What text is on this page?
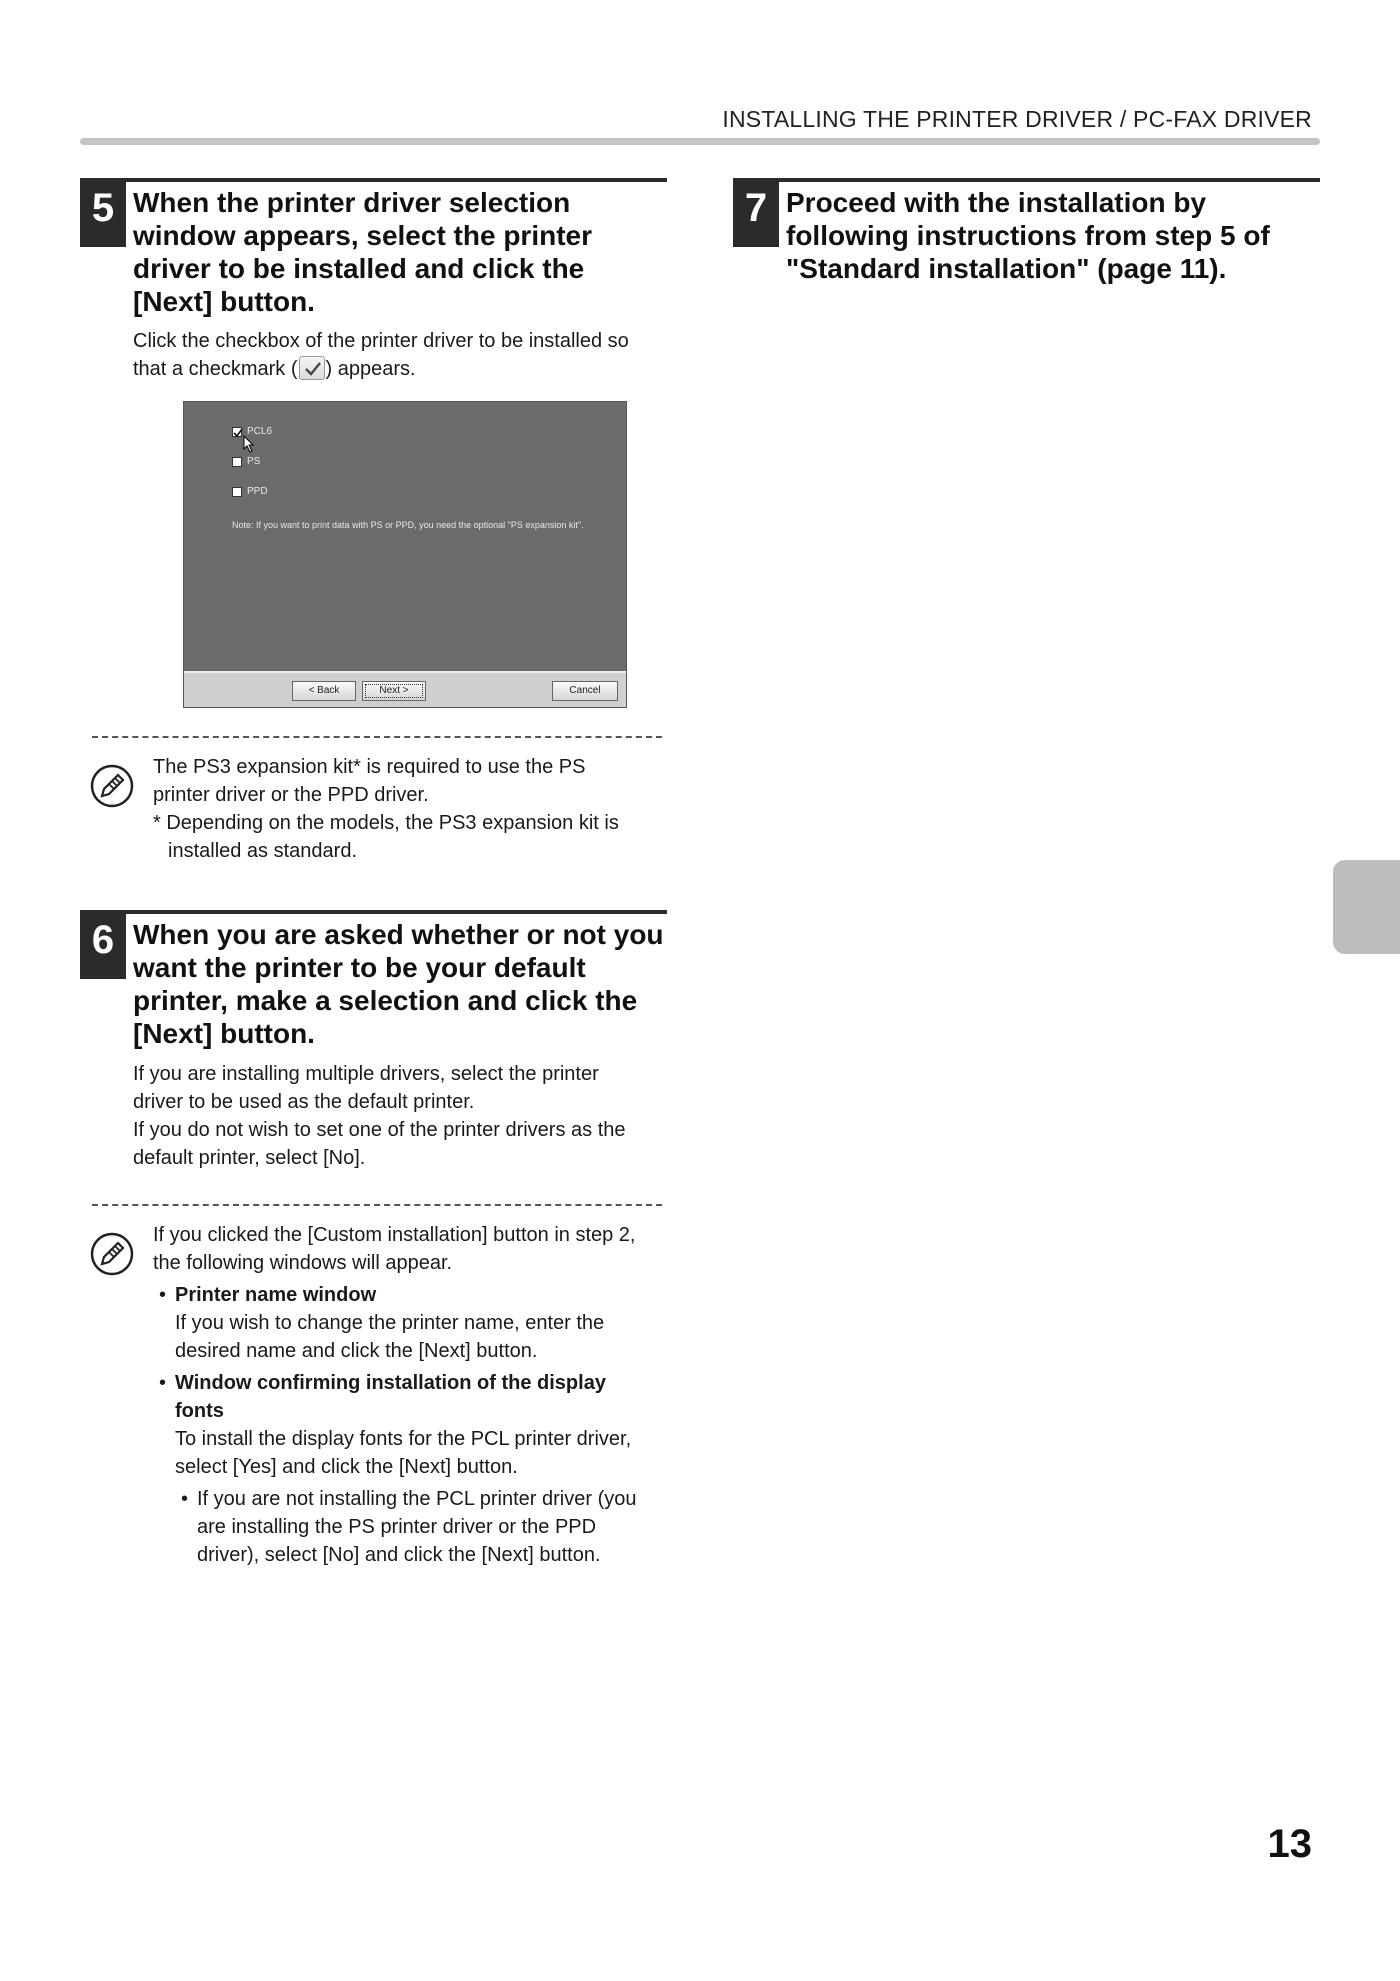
INSTALLING THE PRINTER DRIVER / PC-FAX DRIVER
5 When the printer driver selection
window appears, select the printer
driver to be installed and click the
[Next] button.
Click the checkbox of the printer driver to be installed so
that a checkmark ( ) appears.
PCL6
PS
PPD
Note: If you want to print data with PS or PPD, you need the optional "PS expansion kit".
< Back	Next >	Cancel
The PS3 expansion kit* is required to use the PS
printer driver or the PPD driver.
* Depending on the models, the PS3 expansion kit is
installed as standard.
6 When you are asked whether or not you
want the printer to be your default
printer, make a selection and click the
[Next] button.
If you are installing multiple drivers, select the printer
driver to be used as the default printer.
If you do not wish to set one of the printer drivers as the
default printer, select [No].
If you clicked the [Custom installation] button in step 2,
the following windows will appear.
• Printer name window
If you wish to change the printer name, enter the
desired name and click the [Next] button.
• Window confirming installation of the display
fonts
To install the display fonts for the PCL printer driver,
select [Yes] and click the [Next] button.
• If you are not installing the PCL printer driver (you
are installing the PS printer driver or the PPD
driver), select [No] and click the [Next] button.
7 Proceed with the installation by
following instructions from step 5 of
"Standard installation" (page 11).
13
